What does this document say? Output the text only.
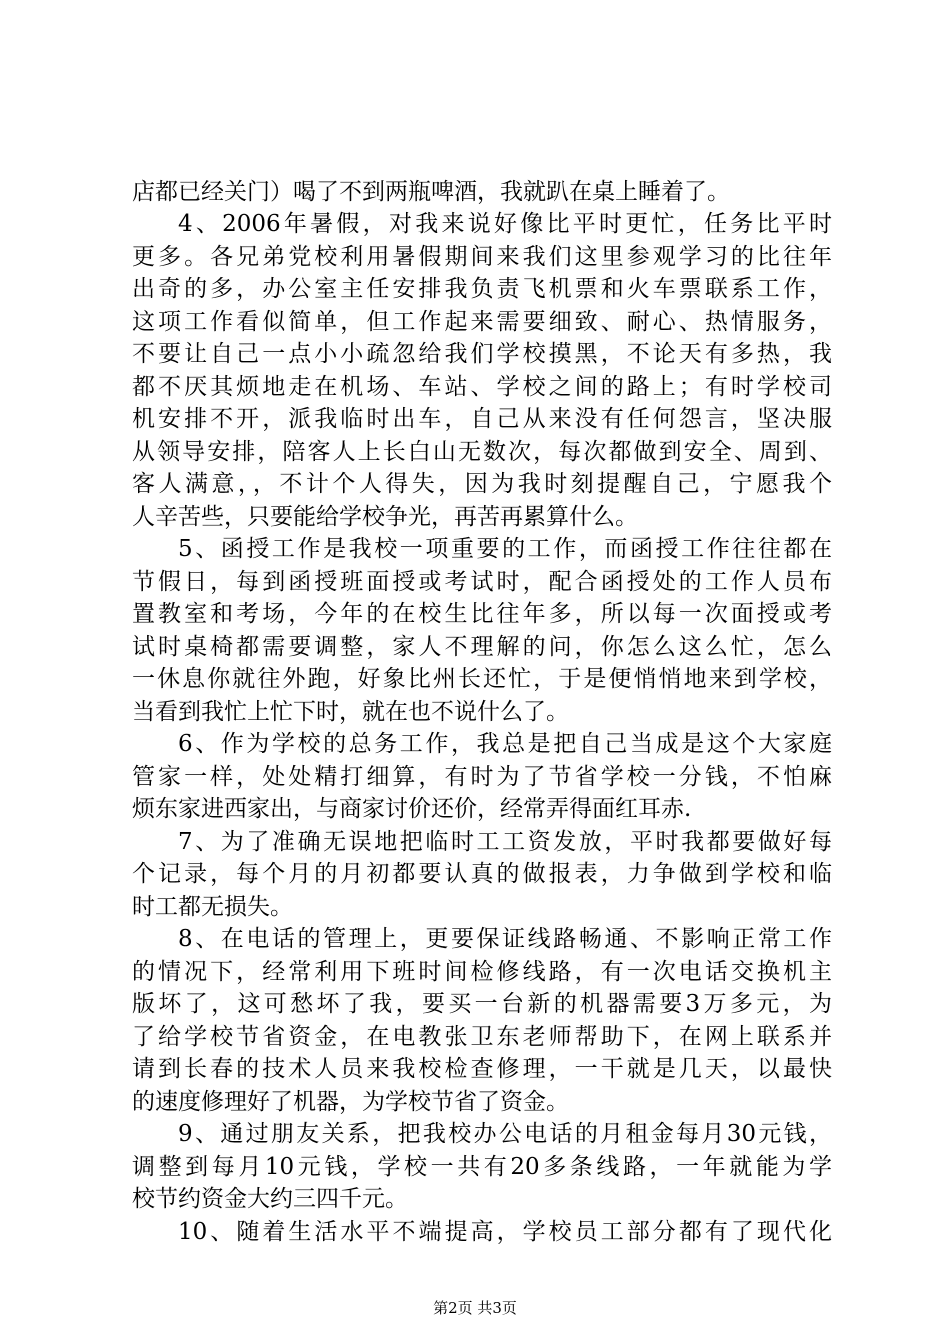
店都已经关门）喝了不到两瓶啤酒，我就趴在桌上睡着了。
4、2006年暑假，对我来说好像比平时更忙，任务比平时
更多。各兄弟党校利用暑假期间来我们这里参观学习的比往年
出奇的多，办公室主任安排我负责飞机票和火车票联系工作，
这项工作看似简单，但工作起来需要细致、耐心、热情服务，
不要让自己一点小小疏忽给我们学校摸黑，不论天有多热，我
都不厌其烦地走在机场、车站、学校之间的路上；有时学校司
机安排不开，派我临时出车，自己从来没有任何怨言，坚决服
从领导安排，陪客人上长白山无数次，每次都做到安全、周到、
客人满意，，不计个人得失，因为我时刻提醒自己，宁愿我个
人辛苦些，只要能给学校争光，再苦再累算什么。
5、函授工作是我校一项重要的工作，而函授工作往往都在
节假日，每到函授班面授或考试时，配合函授处的工作人员布
置教室和考场，今年的在校生比往年多，所以每一次面授或考
试时桌椅都需要调整，家人不理解的问，你怎么这么忙，怎么
一休息你就往外跑，好象比州长还忙，于是便悄悄地来到学校，
当看到我忙上忙下时，就在也不说什么了。
6、作为学校的总务工作，我总是把自己当成是这个大家庭
管家一样，处处精打细算，有时为了节省学校一分钱，不怕麻
烦东家进西家出，与商家讨价还价，经常弄得面红耳赤.
7、为了准确无误地把临时工工资发放，平时我都要做好每
个记录，每个月的月初都要认真的做报表，力争做到学校和临
时工都无损失。
8、在电话的管理上，更要保证线路畅通、不影响正常工作
的情况下，经常利用下班时间检修线路，有一次电话交换机主
版坏了，这可愁坏了我，要买一台新的机器需要3万多元，为
了给学校节省资金，在电教张卫东老师帮助下，在网上联系并
请到长春的技术人员来我校检查修理，一干就是几天，以最快
的速度修理好了机器，为学校节省了资金。
9、通过朋友关系，把我校办公电话的月租金每月30元钱，
调整到每月10元钱，学校一共有20多条线路，一年就能为学
校节约资金大约三四千元。
10、随着生活水平不端提高，学校员工部分都有了现代化
第2页 共3页
